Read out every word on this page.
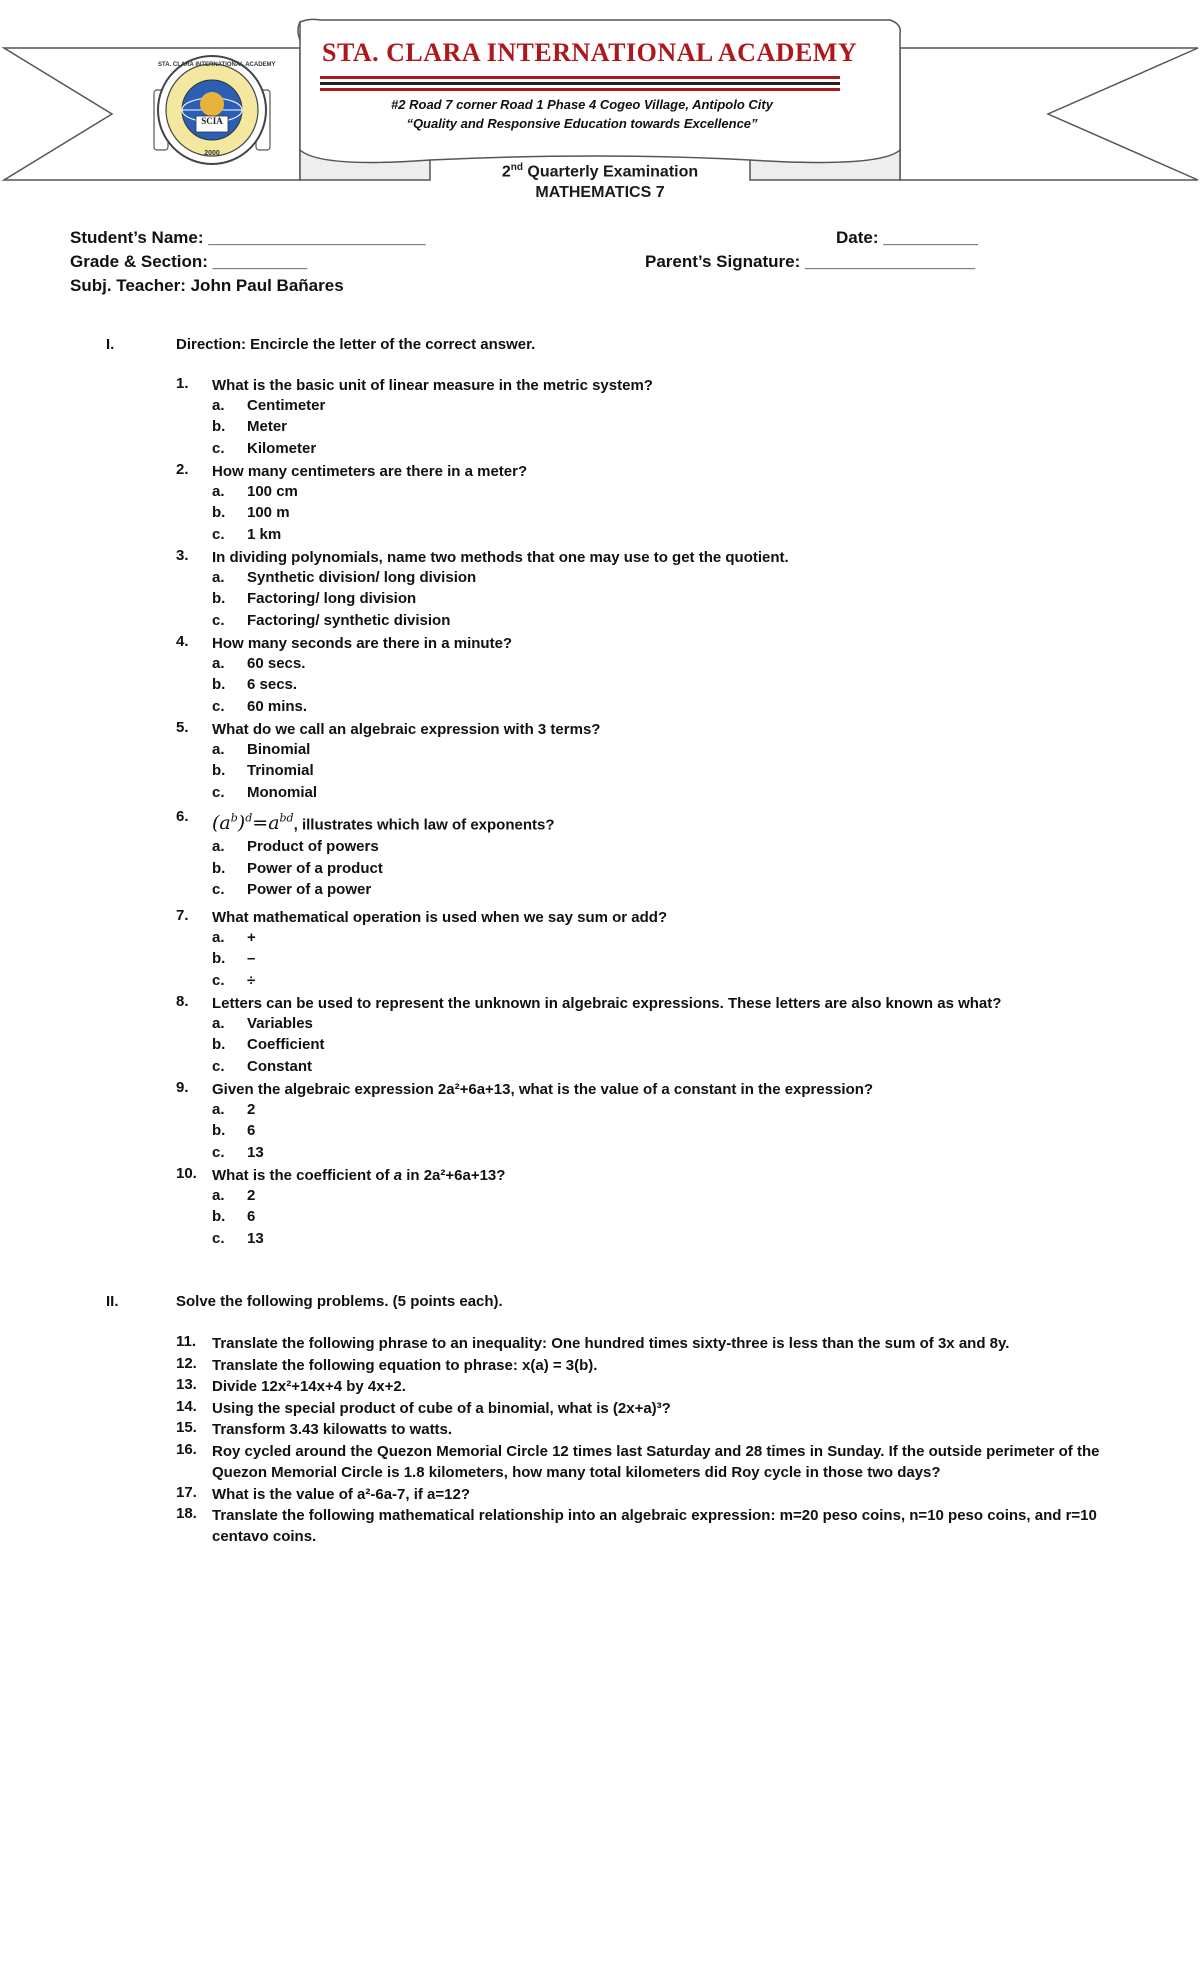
STA. CLARA INTERNATIONAL ACADEMY
#2 Road 7 corner Road 1 Phase 4 Cogeo Village, Antipolo City
“Quality and Responsive Education towards Excellence”
SCIA
STA. CLARA INTERNATIONAL ACADEMY
2000
2nd Quarterly Examination
MATHEMATICS 7
Student’s Name: _______________________	Date: __________
Grade & Section: __________	Parent’s Signature: __________________
Subj. Teacher: John Paul Bañares
I.	Direction: Encircle the letter of the correct answer.
1.	What is the basic unit of linear measure in the metric system?
a.	Centimeter
b.	Meter
c.	Kilometer
2.	How many centimeters are there in a meter?
a.	100 cm
b.	100 m
c.	1 km
3.	In dividing polynomials, name two methods that one may use to get the quotient.
a.	Synthetic division/ long division
b.	Factoring/ long division
c.	Factoring/ synthetic division
4.	How many seconds are there in a minute?
a.	60 secs.
b.	6 secs.
c.	60 mins.
5.	What do we call an algebraic expression with 3 terms?
a.	Binomial
b.	Trinomial
c.	Monomial
6.	$(a^b)^d=a^{bd}$, illustrates which law of exponents?
a.	Product of powers
b.	Power of a product
c.	Power of a power
7.	What mathematical operation is used when we say sum or add?
a.	+
b.	–
c.	÷
8.	Letters can be used to represent the unknown in algebraic expressions. These letters are also known as what?
a.	Variables
b.	Coefficient
c.	Constant
9.	Given the algebraic expression 2a²+6a+13, what is the value of a constant in the expression?
a.	2
b.	6
c.	13
10.	What is the coefficient of a in 2a²+6a+13?
a.	2
b.	6
c.	13
II.	Solve the following problems. (5 points each).
11.	Translate the following phrase to an inequality: One hundred times sixty-three is less than the sum of 3x and 8y.
12.	Translate the following equation to phrase: x(a) = 3(b).
13.	Divide 12x²+14x+4 by 4x+2.
14.	Using the special product of cube of a binomial, what is (2x+a)³?
15.	Transform 3.43 kilowatts to watts.
16.	Roy cycled around the Quezon Memorial Circle 12 times last Saturday and 28 times in Sunday. If the outside perimeter of the Quezon Memorial Circle is 1.8 kilometers, how many total kilometers did Roy cycle in those two days?
17.	What is the value of a²-6a-7, if a=12?
18.	Translate the following mathematical relationship into an algebraic expression: m=20 peso coins, n=10 peso coins, and r=10 centavo coins.
